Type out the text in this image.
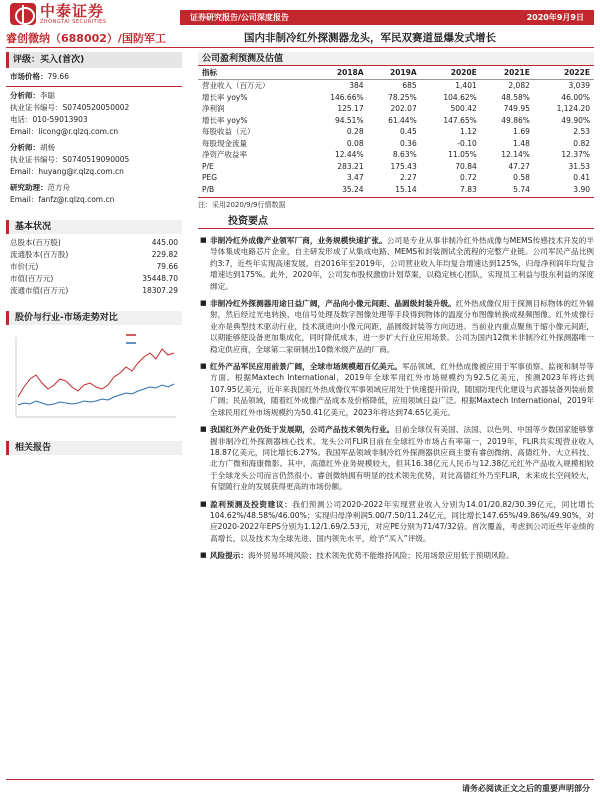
中泰证券
ZHONGTAI SECURITIES	证券研究报告/公司深度报告	2020年9月9日
睿创微纳（688002）/国防军工	国内非制冷红外探测器龙头，军民双赛道显爆发式增长
评级：买入(首次)
市场价格：79.66
分析师：李聪
执业证书编号：S0740520050002
电话：010-59013903
Email：licong@r.qlzq.com.cn
分析师：胡杨
执业证书编号：S0740519090005
Email：huyang@r.qlzq.com.cn
研究助理：范方舟
Email：fanfz@r.qlzq.com.cn
基本状况
总股本(百万股)	445.00
流通股本(百万股)	229.82
市价(元)	79.66
市值(百万元)	35448.70
流通市值(百万元)	18307.29
股价与行业-市场走势对比
相关报告
公司盈利预测及估值
指标	2018A	2019A	2020E	2021E	2022E
营业收入（百万元）	384	685	1,401	2,082	3,039
增长率 yoy%	146.66%	78.25%	104.62%	48.58%	46.00%
净利润	125.17	202.07	500.42	749.95	1,124.20
增长率 yoy%	94.51%	61.44%	147.65%	49.86%	49.90%
每股收益（元）	0.28	0.45	1.12	1.69	2.53
每股现金流量	0.08	0.36	-0.10	1.48	0.82
净资产收益率	12.44%	8.63%	11.05%	12.14%	12.37%
P/E	283.21	175.43	70.84	47.27	31.53
PEG	3.47	2.27	0.72	0.58	0.41
P/B	35.24	15.14	7.83	5.74	3.90
注：采用2020/9/9行情数据
投资要点
■ 非制冷红外成像产业领军厂商，业务规模快速扩张。公司是专业从事非制冷红外热成像与MEMS传感技术开发的半导体集成电路芯片企业，自主研发形成了从集成电路、MEMS和封装测试全流程的完整产业链。公司军民产品比例约3:7，近些年实现高速发展，自2016年至2019年，公司营业收入年均复合增速达到125%，归母净利润年均复合增速达到175%。此外，2020年，公司发布股权激励计划草案，以稳定核心团队，实现员工利益与股东利益的深度绑定。
■ 非制冷红外探测器用途日益广阔，产品向小像元间距、晶圆级封装升级。红外热成像仪用于探测目标物体的红外辐射，然后经过光电转换、电信号处理及数字图像处理等手段得到物体的温度分布图像转换成视频图像。红外成像行业亦是典型技术驱动行业，技术演进向小像元间距、晶圆级封装等方向迈进。当前业内重点聚焦于缩小像元间距，以期能够使设备更加集成化，同时降低成本，进一步扩大行业应用场景。公司为国内12微米非制冷红外探测器唯一稳定供应商，全球第二家研制出10微米级产品的厂商。
■ 红外产品军民应用前景广阔，全球市场规模超百亿美元。军品领域，红外热成像被应用于军事侦察、监视和制导等方面。根据Maxtech International，2019年全球军用红外市场规模约为92.5亿美元，预测2023年将达到107.95亿美元，近年来我国红外热成像仪军事领域应用处于快速提升阶段，随国防现代化建设与武器装备列装前景广阔；民品领域，随着红外成像产品成本及价格降低，应用领域日益广泛。根据Maxtech International，2019年全球民用红外市场规模约为50.41亿美元，2023年将达到74.65亿美元。
■ 我国红外产业仍处于发展期，公司产品技术领先行业。目前全球仅有美国、法国、以色列、中国等少数国家能够掌握非制冷红外探测器核心技术。龙头公司FLIR目前在全球红外市场占有率第一，2019年，FLIR共实现营业收入18.87亿美元，同比增长6.27%。我国军品领域非制冷红外探测器供应商主要有睿创微纳、高德红外、大立科技、北方广微和海康微影。其中，高德红外业务规模较大，但其16.38亿元人民币与12.38亿元红外产品收入规模相较于全球龙头公司而言仍然很小。睿创微纳拥有明显的技术领先优势，对比高德红外乃至FLIR，未来成长空间较大，有望随行业的发展获得更高的市场份额。
■ 盈利预测及投资建议：我们预测公司2020-2022年实现营业收入分别为14.01/20.82/30.39亿元，同比增长104.62%/48.58%/46.00%；实现归母净利润5.00/7.50/11.24亿元，同比增长147.65%/49.86%/49.90%，对应2020-2022年EPS分别为1.12/1.69/2.53元，对应PE分别为71/47/32倍。首次覆盖，考虑到公司近些年业绩的高增长，以及技术为全球先进、国内领先水平，给予“买入”评级。
■ 风险提示：海外贸易环境风险；技术领先优势不能维持风险；民用场景应用低于预期风险。
请务必阅读正文之后的重要声明部分
